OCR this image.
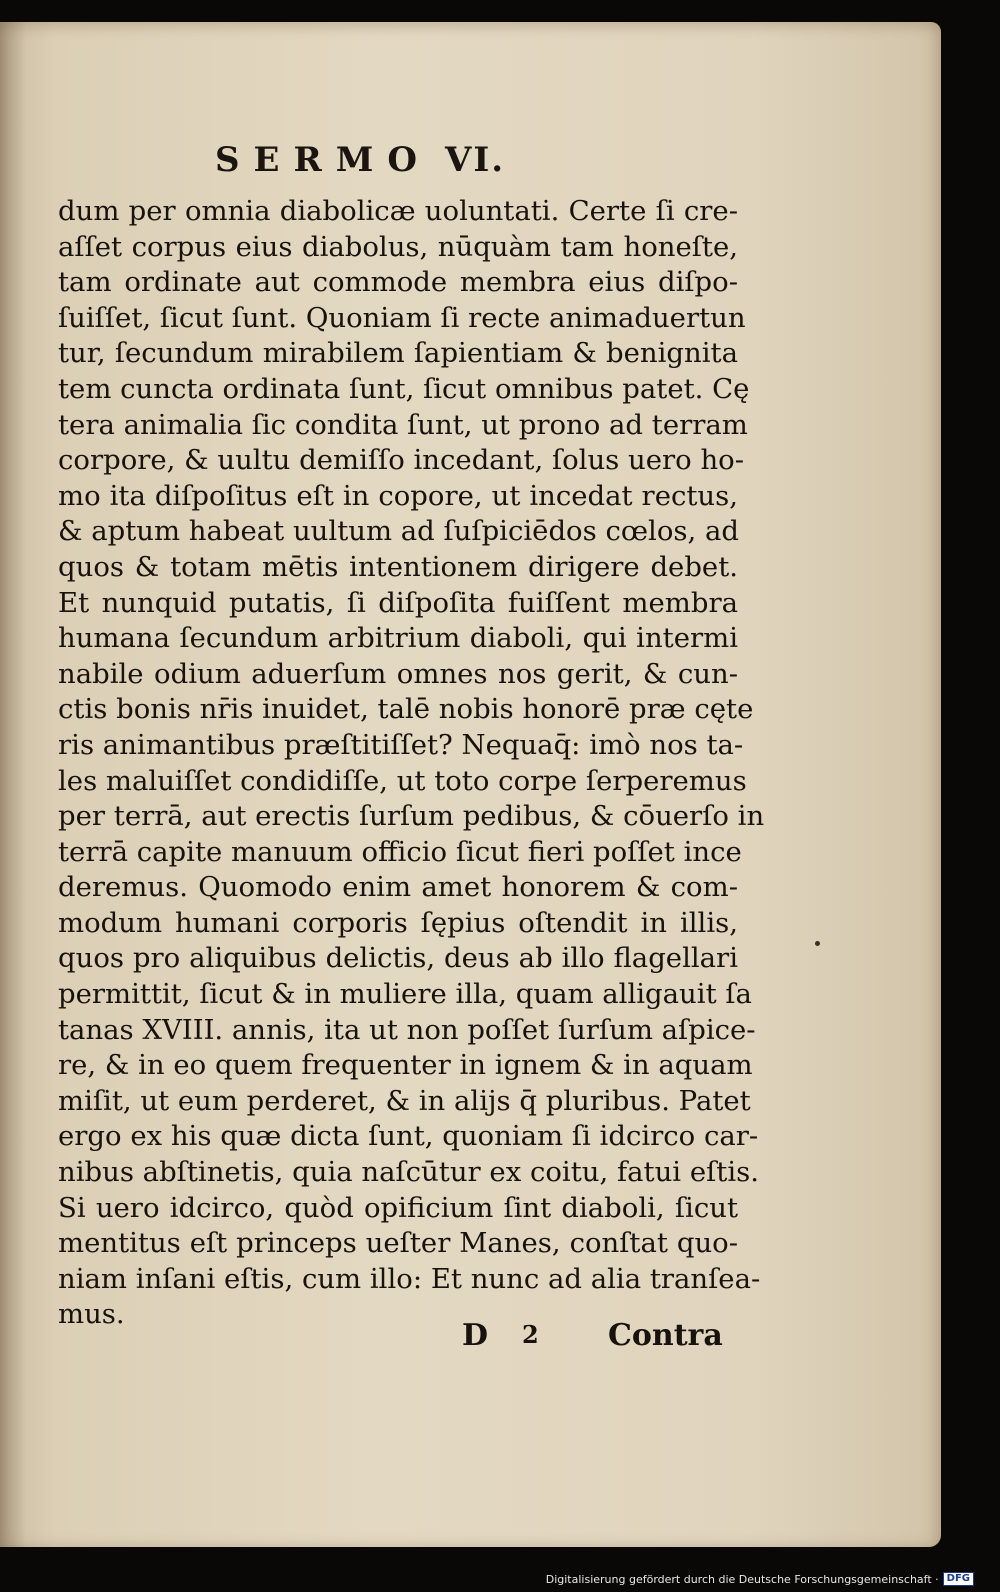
SERMO VI.
dum per omnia diabolicæ uoluntati. Certe ſi cre-
aſſet corpus eius diabolus, nūquàm tam honeſte,
tam ordinate aut commode membra eius diſpo-
ſuiſſet, ſicut ſunt. Quoniam ſi recte animaduertun
tur, ſecundum mirabilem ſapientiam & benignita
tem cuncta ordinata ſunt, ſicut omnibus patet. Cę
tera animalia ſic condita ſunt, ut prono ad terram
corpore, & uultu demiſſo incedant, ſolus uero ho-
mo ita diſpoſitus eſt in copore, ut incedat rectus,
& aptum habeat uultum ad ſuſpiciēdos cœlos, ad
quos & totam mētis intentionem dirigere debet.
Et nunquid putatis, ſi diſpoſita fuiſſent membra
humana ſecundum arbitrium diaboli, qui intermi
nabile odium aduerſum omnes nos gerit, & cun-
ctis bonis nr̄is inuidet, talē nobis honorē præ cęte
ris animantibus præſtitiſſet? Nequaq̄: imò nos ta-
les maluiſſet condidiſſe, ut toto corpe ſerperemus
per terrā, aut erectis ſurſum pedibus, & cōuerſo in
terrā capite manuum officio ſicut fieri poſſet ince
deremus. Quomodo enim amet honorem & com-
modum humani corporis ſępius oſtendit in illis,
quos pro aliquibus delictis, deus ab illo flagellari
permittit, ſicut & in muliere illa, quam alligauit ſa
tanas XVIII. annis, ita ut non poſſet ſurſum aſpice-
re, & in eo quem frequenter in ignem & in aquam
miſit, ut eum perderet, & in alijs q̄ pluribus. Patet
ergo ex his quæ dicta ſunt, quoniam ſi idcirco car-
nibus abſtinetis, quia naſcūtur ex coitu, fatui eſtis.
Si uero idcirco, quòd opificium ſint diaboli, ſicut
mentitus eſt princeps ueſter Manes, conſtat quo-
niam inſani eſtis, cum illo: Et nunc ad alia tranſea-
mus.
D 2 Contra
Digitalisierung gefördert durch die Deutsche Forschungsgemeinschaft · DFG
